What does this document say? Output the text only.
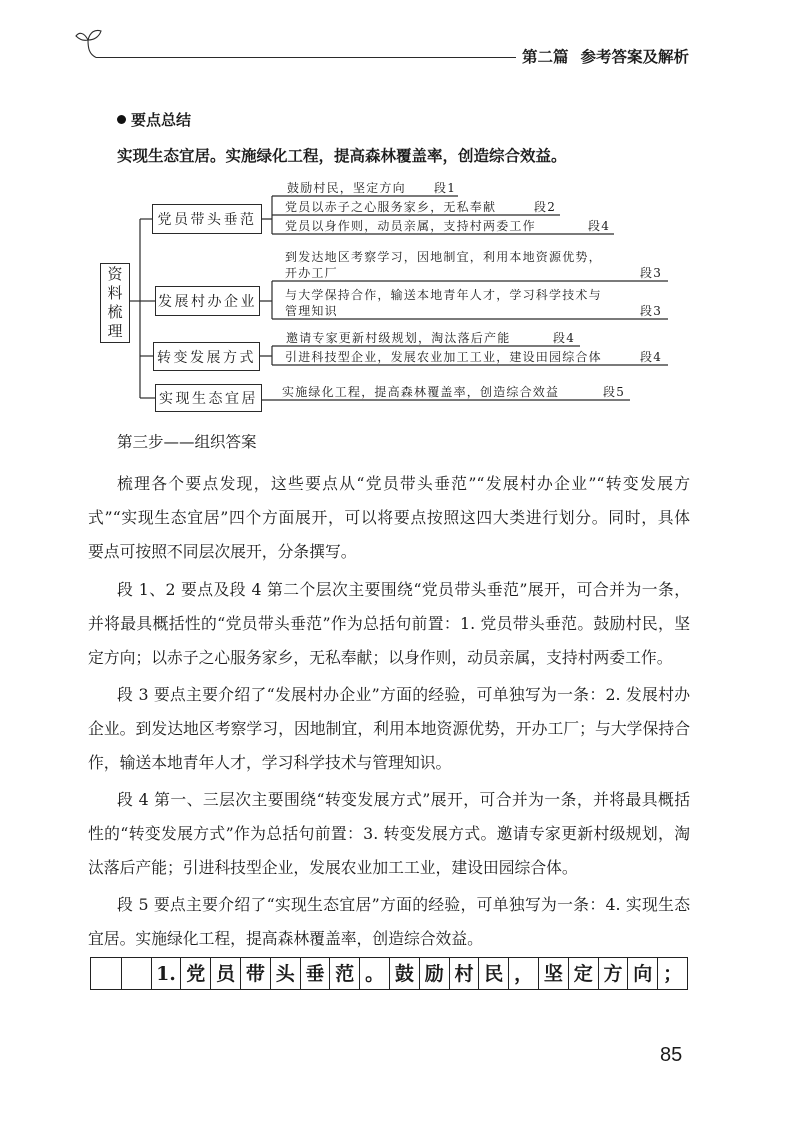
第二篇 参考答案及解析
要点总结
实现生态宜居。实施绿化工程，提高森林覆盖率，创造综合效益。
资料梳理
党员带头垂范
发展村办企业
转变发展方式
实现生态宜居
鼓励村民，坚定方向 段1
党员以赤子之心服务家乡，无私奉献	段2
党员以身作则，动员亲属，支持村两委工作	段4
到发达地区考察学习，因地制宜，利用本地资源优势，
开办工厂	段3
与大学保持合作，输送本地青年人才，学习科学技术与
管理知识	段3
邀请专家更新村级规划，淘汰落后产能	段4
引进科技型企业，发展农业加工工业，建设田园综合体	段4
实施绿化工程，提高森林覆盖率，创造综合效益	段5
第三步——组织答案
梳理各个要点发现，这些要点从“党员带头垂范”“发展村办企业”“转变发展方
式”“实现生态宜居”四个方面展开，可以将要点按照这四大类进行划分。同时，具体
要点可按照不同层次展开，分条撰写。
段 1、2 要点及段 4 第二个层次主要围绕“党员带头垂范”展开，可合并为一条，
并将最具概括性的“党员带头垂范”作为总括句前置：1. 党员带头垂范。鼓励村民，坚
定方向；以赤子之心服务家乡，无私奉献；以身作则，动员亲属，支持村两委工作。
段 3 要点主要介绍了“发展村办企业”方面的经验，可单独写为一条：2. 发展村办
企业。到发达地区考察学习，因地制宜，利用本地资源优势，开办工厂；与大学保持合
作，输送本地青年人才，学习科学技术与管理知识。
段 4 第一、三层次主要围绕“转变发展方式”展开，可合并为一条，并将最具概括
性的“转变发展方式”作为总括句前置：3. 转变发展方式。邀请专家更新村级规划，淘
汰落后产能；引进科技型企业，发展农业加工工业，建设田园综合体。
段 5 要点主要介绍了“实现生态宜居”方面的经验，可单独写为一条：4. 实现生态
宜居。实施绿化工程，提高森林覆盖率，创造综合效益。
1. 党 员 带 头 垂 范 。 鼓 励 村 民 ， 坚 定 方 向 ；
85
